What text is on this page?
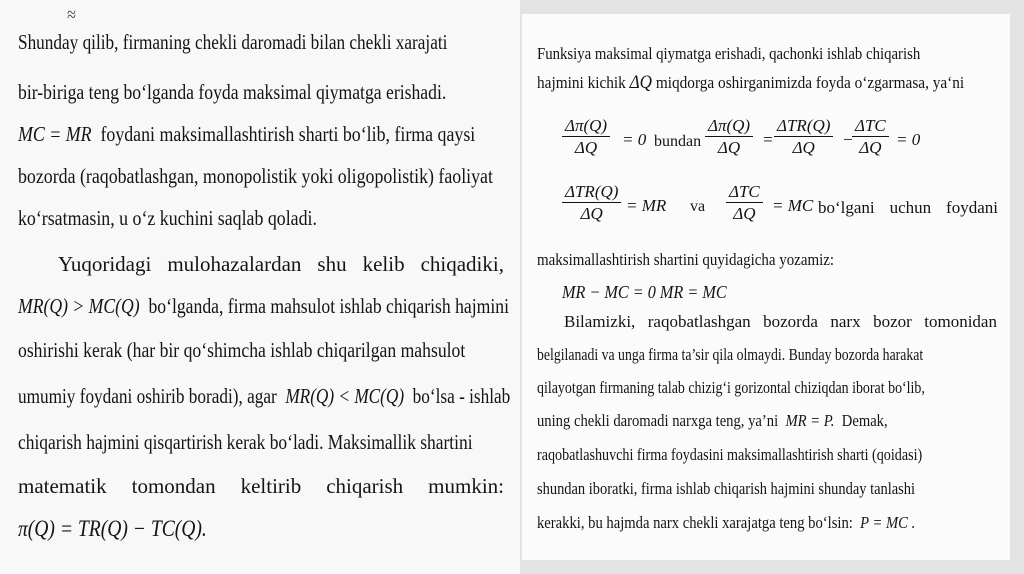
≈
Shunday qilib, firmaning chekli daromadi bilan chekli xarajati
bir-biriga teng bo‘lganda foyda maksimal qiymatga erishadi.
MC = MR foydani maksimallashtirish sharti bo‘lib, firma qaysi
bozorda (raqobatlashgan, monopolistik yoki oligopolistik) faoliyat
ko‘rsatmasin, u o‘z kuchini saqlab qoladi.
Yuqoridagi mulohazalardan shu kelib chiqadiki,
MR(Q) > MC(Q) bo‘lganda, firma mahsulot ishlab chiqarish hajmini
oshirishi kerak (har bir qo‘shimcha ishlab chiqarilgan mahsulot
umumiy foydani oshirib boradi), agar MR(Q) < MC(Q) bo‘lsa - ishlab
chiqarish hajmini qisqartirish kerak bo‘ladi. Maksimallik shartini
matematik tomondan keltirib chiqarish mumkin:
π(Q) = TR(Q) − TC(Q).
Funksiya maksimal qiymatga erishadi, qachonki ishlab chiqarish
hajmini kichik ΔQ miqdorga oshirganimizda foyda o‘zgarmasa, ya‘ni
$\frac{\Delta\pi(Q)}{\Delta Q} = 0$ bundan $\frac{\Delta\pi(Q)}{\Delta Q}$ =
ΔTR(Q)
ΔQ −
ΔTC
ΔQ = 0
ΔTR(Q)
ΔQ = MR va
ΔTC
ΔQ = MC bo‘lgani uchun foydani
maksimallashtirish shartini quyidagicha yozamiz:
MR − MC = 0 MR = MC
Bilamizki, raqobatlashgan bozorda narx bozor tomonidan
belgilanadi va unga firma ta’sir qila olmaydi. Bunday bozorda harakat
qilayotgan firmaning talab chizig‘i gorizontal chiziqdan iborat bo‘lib,
uning chekli daromadi narxga teng, ya’ni MR = P. Demak,
raqobatlashuvchi firma foydasini maksimallashtirish sharti (qoidasi)
shundan iboratki, firma ishlab chiqarish hajmini shunday tanlashi
kerakki, bu hajmda narx chekli xarajatga teng bo‘lsin: P = MC .
